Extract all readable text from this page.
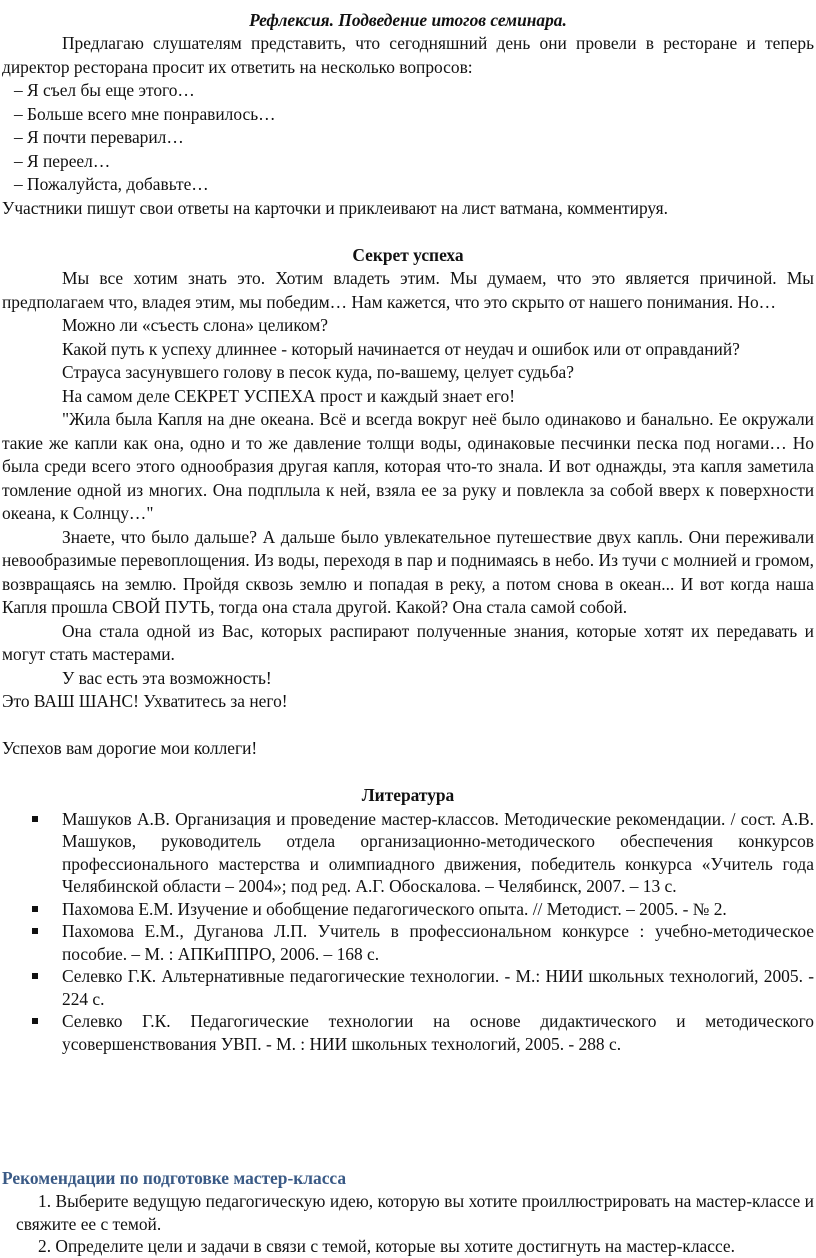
Рефлексия. Подведение итогов семинара.

Предлагаю слушателям представить, что сегодняшний день они провели в ресторане и теперь директор ресторана просит их ответить на несколько вопросов:

– Я съел бы еще этого…

– Больше всего мне понравилось…

– Я почти переварил…

– Я переел…

– Пожалуйста, добавьте…

Участники пишут свои ответы на карточки и приклеивают на лист ватмана, комментируя.

Секрет успеха

Мы все хотим знать это. Хотим владеть этим. Мы думаем, что это является причиной. Мы предполагаем что, владея этим, мы победим… Нам кажется, что это скрыто от нашего понимания. Но…

Можно ли «съесть слона» целиком?

Какой путь к успеху длиннее - который начинается от неудач и ошибок или от оправданий?

Страуса засунувшего голову в песок куда, по-вашему, целует судьба?

На самом деле СЕКРЕТ УСПЕХА прост и каждый знает его!

"Жила была Капля на дне океана. Всё и всегда вокруг неё было одинаково и банально. Ее окружали такие же капли как она, одно и то же давление толщи воды, одинаковые песчинки песка под ногами… Но была среди всего этого однообразия другая капля, которая что-то знала. И вот однажды, эта капля заметила томление одной из многих. Она подплыла к ней, взяла ее за руку и повлекла за собой вверх к поверхности океана, к Солнцу…"

Знаете, что было дальше? А дальше было увлекательное путешествие двух капль. Они переживали невообразимые перевоплощения. Из воды, переходя в пар и поднимаясь в небо. Из тучи с молнией и громом, возвращаясь на землю. Пройдя сквозь землю и попадая в реку, а потом снова в океан... И вот когда наша Капля прошла СВОЙ ПУТЬ, тогда она стала другой. Какой? Она стала самой собой.

Она стала одной из Вас, которых распирают полученные знания, которые хотят их передавать и могут стать мастерами.

У вас есть эта возможность!

Это ВАШ ШАНС! Ухватитесь за него!

Успехов вам дорогие мои коллеги!

Литература

Машуков А.В. Организация и проведение мастер-классов. Методические рекомендации. / сост. А.В. Машуков, руководитель отдела организационно-методического обеспечения конкурсов профессионального мастерства и олимпиадного движения, победитель конкурса «Учитель года Челябинской области – 2004»; под ред. А.Г. Обоскалова. – Челябинск, 2007. – 13 с.
Пахомова Е.М. Изучение и обобщение педагогического опыта. // Методист. – 2005. - № 2.
Пахомова Е.М., Дуганова Л.П. Учитель в профессиональном конкурсе : учебно-методическое пособие. – М. : АПКиППРО, 2006. – 168 с.
Селевко Г.К. Альтернативные педагогические технологии. - М.: НИИ школьных технологий, 2005. - 224 с.
Селевко Г.К. Педагогические технологии на основе дидактического и методического усовершенствования УВП. - М. : НИИ школьных технологий, 2005. - 288 с.

Рекомендации по подготовке мастер-класса

1. Выберите ведущую педагогическую идею, которую вы хотите проиллюстрировать на мастер-классе и свяжите ее с темой.
2. Определите цели и задачи в связи с темой, которые вы хотите достигнуть на мастер-классе.
